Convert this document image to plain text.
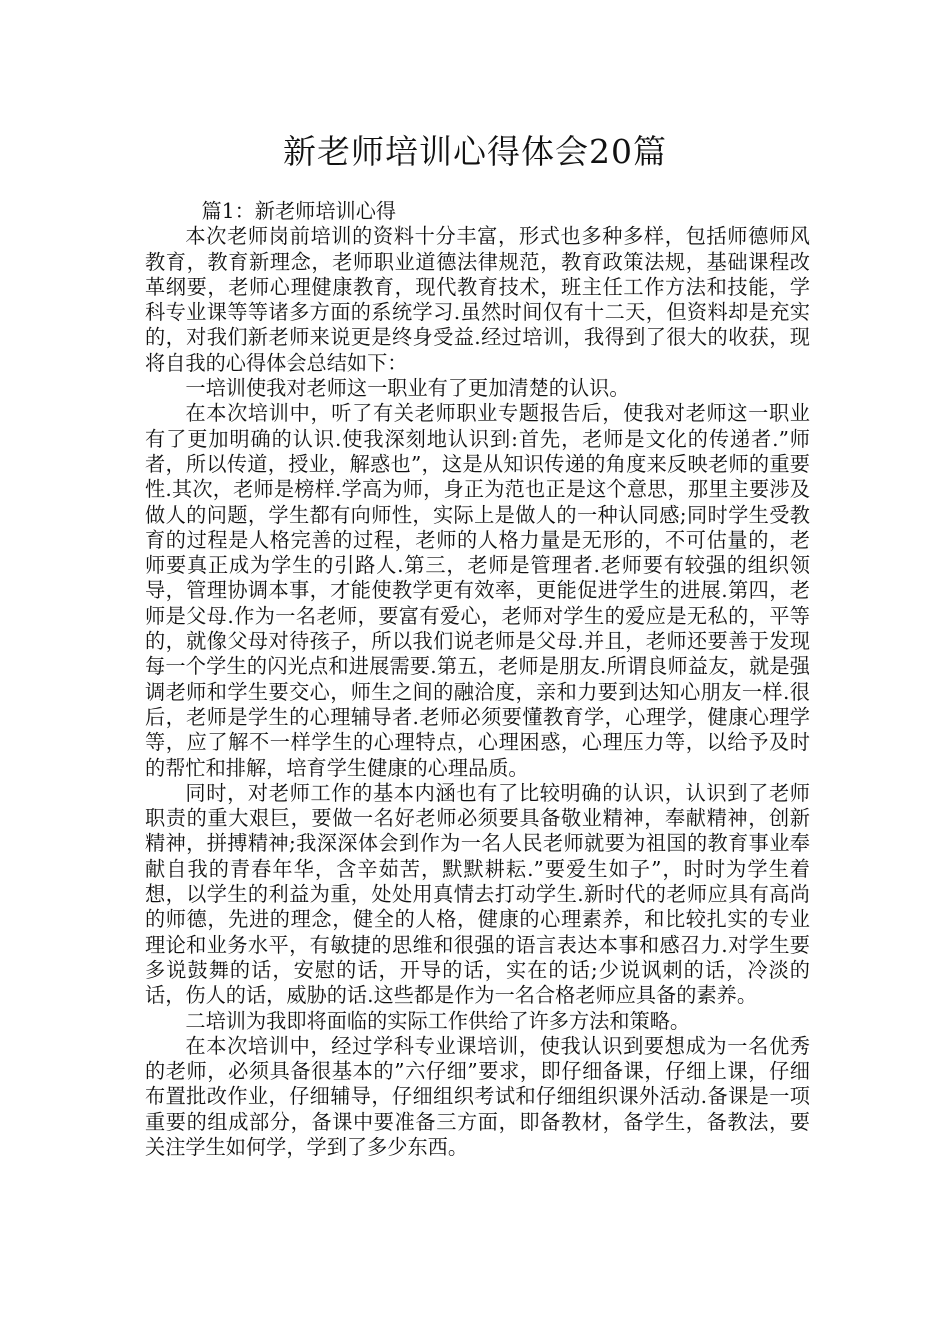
新老师培训心得体会20篇

篇1：新老师培训心得

本次老师岗前培训的资料十分丰富，形式也多种多样，包括师德师风教育，教育新理念，老师职业道德法律规范，教育政策法规，基础课程改革纲要，老师心理健康教育，现代教育技术，班主任工作方法和技能，学科专业课等等诸多方面的系统学习.虽然时间仅有十二天，但资料却是充实的，对我们新老师来说更是终身受益.经过培训，我得到了很大的收获，现将自我的心得体会总结如下：

一培训使我对老师这一职业有了更加清楚的认识。

在本次培训中，听了有关老师职业专题报告后，使我对老师这一职业有了更加明确的认识.使我深刻地认识到:首先，老师是文化的传递者.”师者，所以传道，授业，解惑也”，这是从知识传递的角度来反映老师的重要性.其次，老师是榜样.学高为师，身正为范也正是这个意思，那里主要涉及做人的问题，学生都有向师性，实际上是做人的一种认同感;同时学生受教育的过程是人格完善的过程，老师的人格力量是无形的，不可估量的，老师要真正成为学生的引路人.第三，老师是管理者.老师要有较强的组织领导，管理协调本事，才能使教学更有效率，更能促进学生的进展.第四，老师是父母.作为一名老师，要富有爱心，老师对学生的爱应是无私的，平等的，就像父母对待孩子，所以我们说老师是父母.并且，老师还要善于发现每一个学生的闪光点和进展需要.第五，老师是朋友.所谓良师益友，就是强调老师和学生要交心，师生之间的融洽度，亲和力要到达知心朋友一样.很后，老师是学生的心理辅导者.老师必须要懂教育学，心理学，健康心理学等，应了解不一样学生的心理特点，心理困惑，心理压力等，以给予及时的帮忙和排解，培育学生健康的心理品质。

同时，对老师工作的基本内涵也有了比较明确的认识，认识到了老师职责的重大艰巨，要做一名好老师必须要具备敬业精神，奉献精神，创新精神，拼搏精神;我深深体会到作为一名人民老师就要为祖国的教育事业奉献自我的青春年华，含辛茹苦，默默耕耘.”要爱生如子”，时时为学生着想，以学生的利益为重，处处用真情去打动学生.新时代的老师应具有高尚的师德，先进的理念，健全的人格，健康的心理素养，和比较扎实的专业理论和业务水平，有敏捷的思维和很强的语言表达本事和感召力.对学生要多说鼓舞的话，安慰的话，开导的话，实在的话;少说讽刺的话，冷淡的话，伤人的话，威胁的话.这些都是作为一名合格老师应具备的素养。

二培训为我即将面临的实际工作供给了许多方法和策略。

在本次培训中，经过学科专业课培训，使我认识到要想成为一名优秀的老师，必须具备很基本的”六仔细”要求，即仔细备课，仔细上课，仔细布置批改作业，仔细辅导，仔细组织考试和仔细组织课外活动.备课是一项重要的组成部分，备课中要准备三方面，即备教材，备学生，备教法，要关注学生如何学，学到了多少东西。
